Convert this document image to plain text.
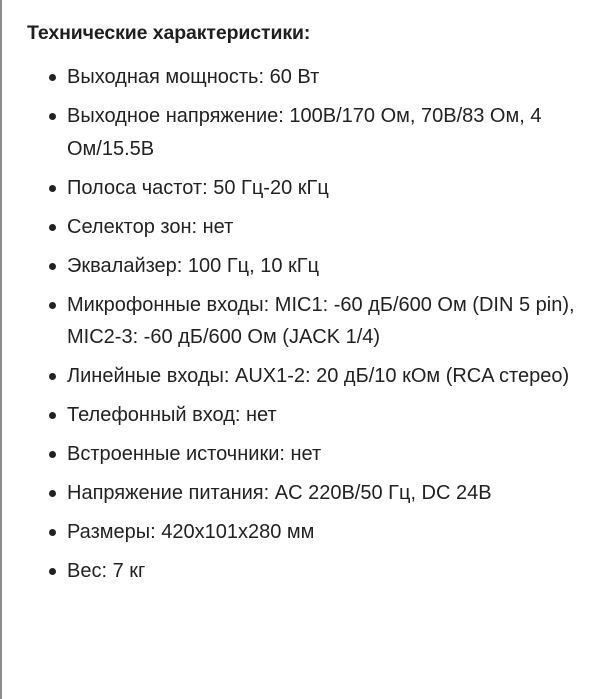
Технические характеристики:
Выходная мощность: 60 Вт
Выходное напряжение: 100В/170 Ом, 70В/83 Ом, 4 Ом/15.5В
Полоса частот: 50 Гц-20 кГц
Селектор зон: нет
Эквалайзер: 100 Гц, 10 кГц
Микрофонные входы: MIC1: -60 дБ/600 Ом (DIN 5 pin), MIC2-3: -60 дБ/600 Ом (JACK 1/4)
Линейные входы: AUX1-2: 20 дБ/10 кОм (RCA стерео)
Телефонный вход: нет
Встроенные источники: нет
Напряжение питания: AC 220В/50 Гц, DC 24В
Размеры: 420x101x280 мм
Вес: 7 кг
